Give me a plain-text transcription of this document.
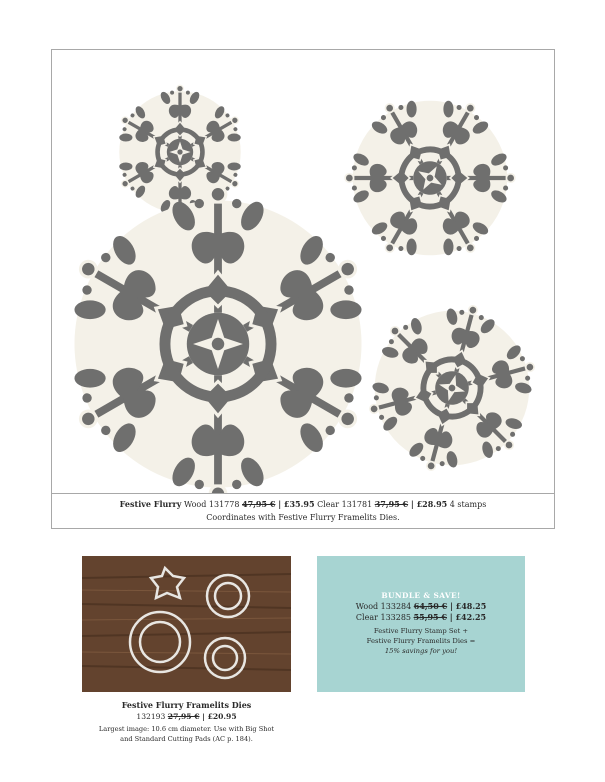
Festive Flurry Wood 131778 47,95 € | £35.95 Clear 131781 37,95 € | £28.95 4 stamps
Coordinates with Festive Flurry Framelits Dies.
Festive Flurry Framelits Dies
132193 27,95 € | £20.95
Largest image: 10.6 cm diameter. Use with Big Shot
and Standard Cutting Pads (AC p. 184).
BUNDLE & SAVE!
Wood 133284 64,50 € | £48.25
Clear 133285 55,95 € | £42.25
Festive Flurry Stamp Set +
Festive Flurry Framelits Dies =
15% savings for you!
